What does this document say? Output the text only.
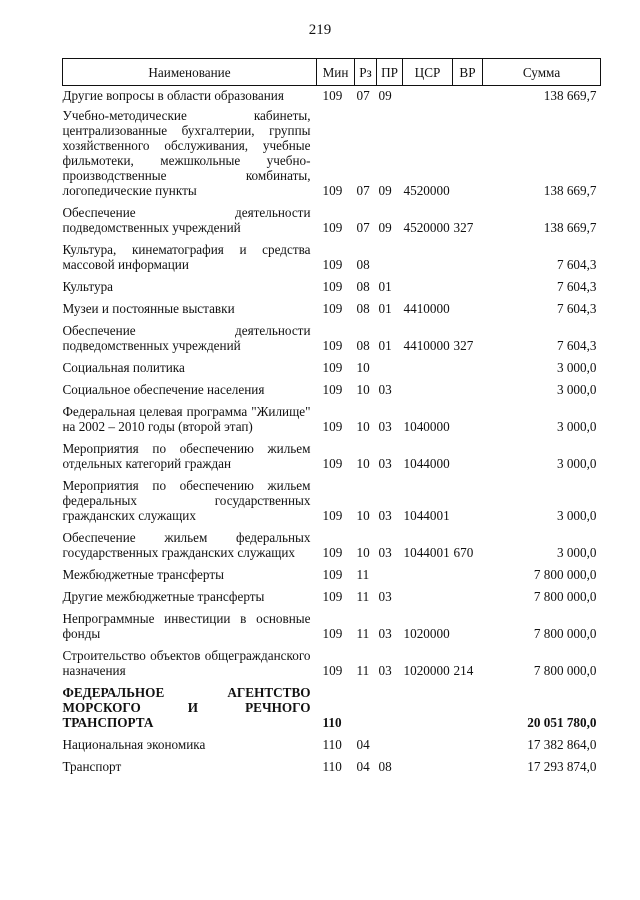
219
Наименование	Мин	Рз	ПР	ЦСР	ВР	Сумма
Другие вопросы в области образования	109	07	09			138 669,7
Учебно-методические кабинеты, централизованные бухгалтерии, группы хозяйственного обслуживания, учебные фильмотеки, межшкольные учебно-производственные комбинаты, логопедические пункты	109	07	09	4520000		138 669,7
Обеспечение деятельности подведомственных учреждений	109	07	09	4520000	327	138 669,7
Культура, кинематография и средства массовой информации	109	08				7 604,3
Культура	109	08	01			7 604,3
Музеи и постоянные выставки	109	08	01	4410000		7 604,3
Обеспечение деятельности подведомственных учреждений	109	08	01	4410000	327	7 604,3
Социальная политика	109	10				3 000,0
Социальное обеспечение населения	109	10	03			3 000,0
Федеральная целевая программа "Жилище" на 2002 – 2010 годы (второй этап)	109	10	03	1040000		3 000,0
Мероприятия по обеспечению жильем отдельных категорий граждан	109	10	03	1044000		3 000,0
Мероприятия по обеспечению жильем федеральных государственных гражданских служащих	109	10	03	1044001		3 000,0
Обеспечение жильем федеральных государственных гражданских служащих	109	10	03	1044001	670	3 000,0
Межбюджетные трансферты	109	11				7 800 000,0
Другие межбюджетные трансферты	109	11	03			7 800 000,0
Непрограммные инвестиции в основные фонды	109	11	03	1020000		7 800 000,0
Строительство объектов общегражданского назначения	109	11	03	1020000	214	7 800 000,0
ФЕДЕРАЛЬНОЕ АГЕНТСТВО МОРСКОГО И РЕЧНОГО ТРАНСПОРТА	110					20 051 780,0
Национальная экономика	110	04				17 382 864,0
Транспорт	110	04	08			17 293 874,0
